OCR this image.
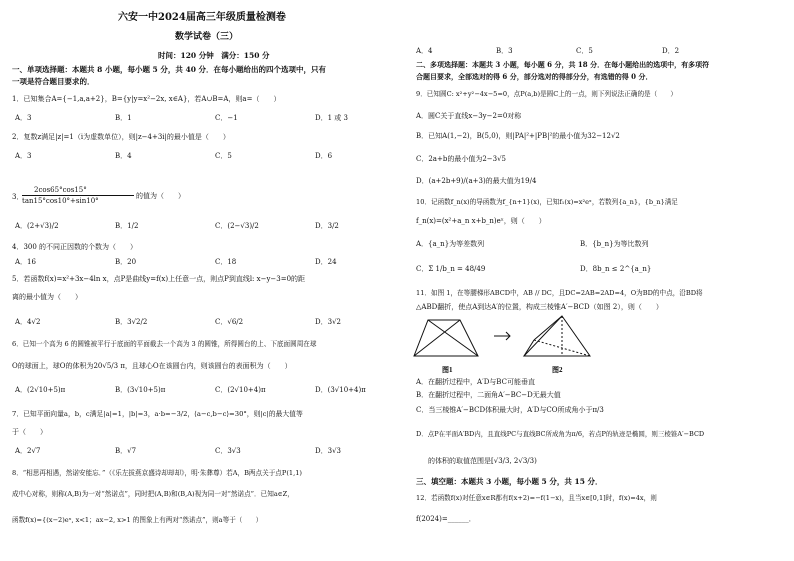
六安一中2024届高三年级质量检测卷
数学试卷（三）
时间：120 分钟　满分：150 分
一、单项选择题：本题共 8 小题，每小题 5 分，共 40 分．在每小题给出的四个选项中，只有
一项是符合题目要求的．
1．已知集合A={−1,a,a+2}，B={y|y=x²−2x, x∈A}，若A∪B=A，则a=（　　）
A．3	B．1	C．−1	D．1 或 3
2．复数z满足|z|=1（i为虚数单位），则|z−4+3i|的最小值是（　　）
A．3	B．4	C．5	D．6
3．
2cos65°cos15°
tan15°cos10°+sin10°
的值为（　　）
A．(2+√3)/2	B．1/2	C．(2−√3)/2	D．3/2
4．300 的不同正因数的个数为（　　）
A．16	B．20	C．18	D．24
5．若函数f(x)=x²+3x−4ln x，点P是曲线y=f(x)上任意一点，则点P到直线l: x−y−3=0的距
离的最小值为（　　）
A．4√2	B．3√2/2	C．√6/2	D．3√2
6．已知一个高为 6 的圆锥被平行于底面的平面截去一个高为 3 的圆锥，所得圆台的上、下底面圆周在球
O的球面上，球O的体积为20√5/3 π，且球心O在该圆台内，则该圆台的表面积为（　　）
A．(2√10+5)π	B．(3√10+5)π	C．(2√10+4)π	D．(3√10+4)π
7．已知平面向量a，b，c满足|a|=1，|b|=3，a·b=−3/2，⟨a−c,b−c⟩=30°，则|c|的最大值等
于（　　）
A．2√7	B．√7	C．3√3	D．3√3
8．“相思再相遇，然诺安能忘．”（《乐左拔燕京盛诗却却却》，明·朱彝尊）若A，B两点关于点P(1,1)
成中心对称，则称(A,B)为一对“然诺点”，同时把(A,B)和(B,A)视为同一对“然诺点”．已知a∈Z，
函数f(x)={(x−2)eˣ, x<1；ax−2, x>1 的图象上有两对“然诺点”，则a等于（　　）
A．4	B．3	C．5	D．2
二、多项选择题：本题共 3 小题，每小题 6 分，共 18 分．在每小题给出的选项中，有多项符
合题目要求，全部选对的得 6 分，部分选对的得部分分，有选错的得 0 分．
9．已知圆C: x²+y²−4x−5=0，点P(a,b)是圆C上的一点，则下列说法正确的是（　　）
A．圆C关于直线x−3y−2=0对称
B．已知A(1,−2)，B(5,0)，则|PA|²+|PB|²的最小值为32−12√2
C．2a+b的最小值为2−3√5
D．(a+2b+9)/(a+3)的最大值为19/4
10．记函数f_n(x)的导函数为f_{n+1}(x)，已知f₁(x)=x²eˣ，若数列{a_n}，{b_n}满足
f_n(x)=(x²+a_n x+b_n)eˣ，则（　　）
A．{a_n}为等差数列	B．{b_n}为等比数列
C．Σ 1/b_n = 48/49	D．8b_n ≤ 2^{a_n}
11．如图 1，在等腰梯形ABCD中，AB // DC，且DC=2AB=2AD=4，O为BD的中点，沿BD将
△ABD翻折，使点A到达A′的位置，构成三棱锥A′−BCD（如图 2），则（　　）
图1	图2
A．在翻折过程中，A′D与BC可能垂直
B．在翻折过程中，二面角A′−BC−D无最大值
C．当三棱锥A′−BCD体积最大时，A′D与CO所成角小于π/3
D．点P在平面A′BD内，且直线PC与直线BC所成角为π/6，若点P的轨迹是椭圆，则三棱锥A′−BCD
的体积的取值范围是[√3/3, 2√3/3)
三、填空题：本题共 3 小题，每小题 5 分，共 15 分．
12．若函数f(x)对任意x∈R都有f(x+2)=−f(1−x)，且当x∈[0,1]时，f(x)=4x，则
f(2024)=______．
